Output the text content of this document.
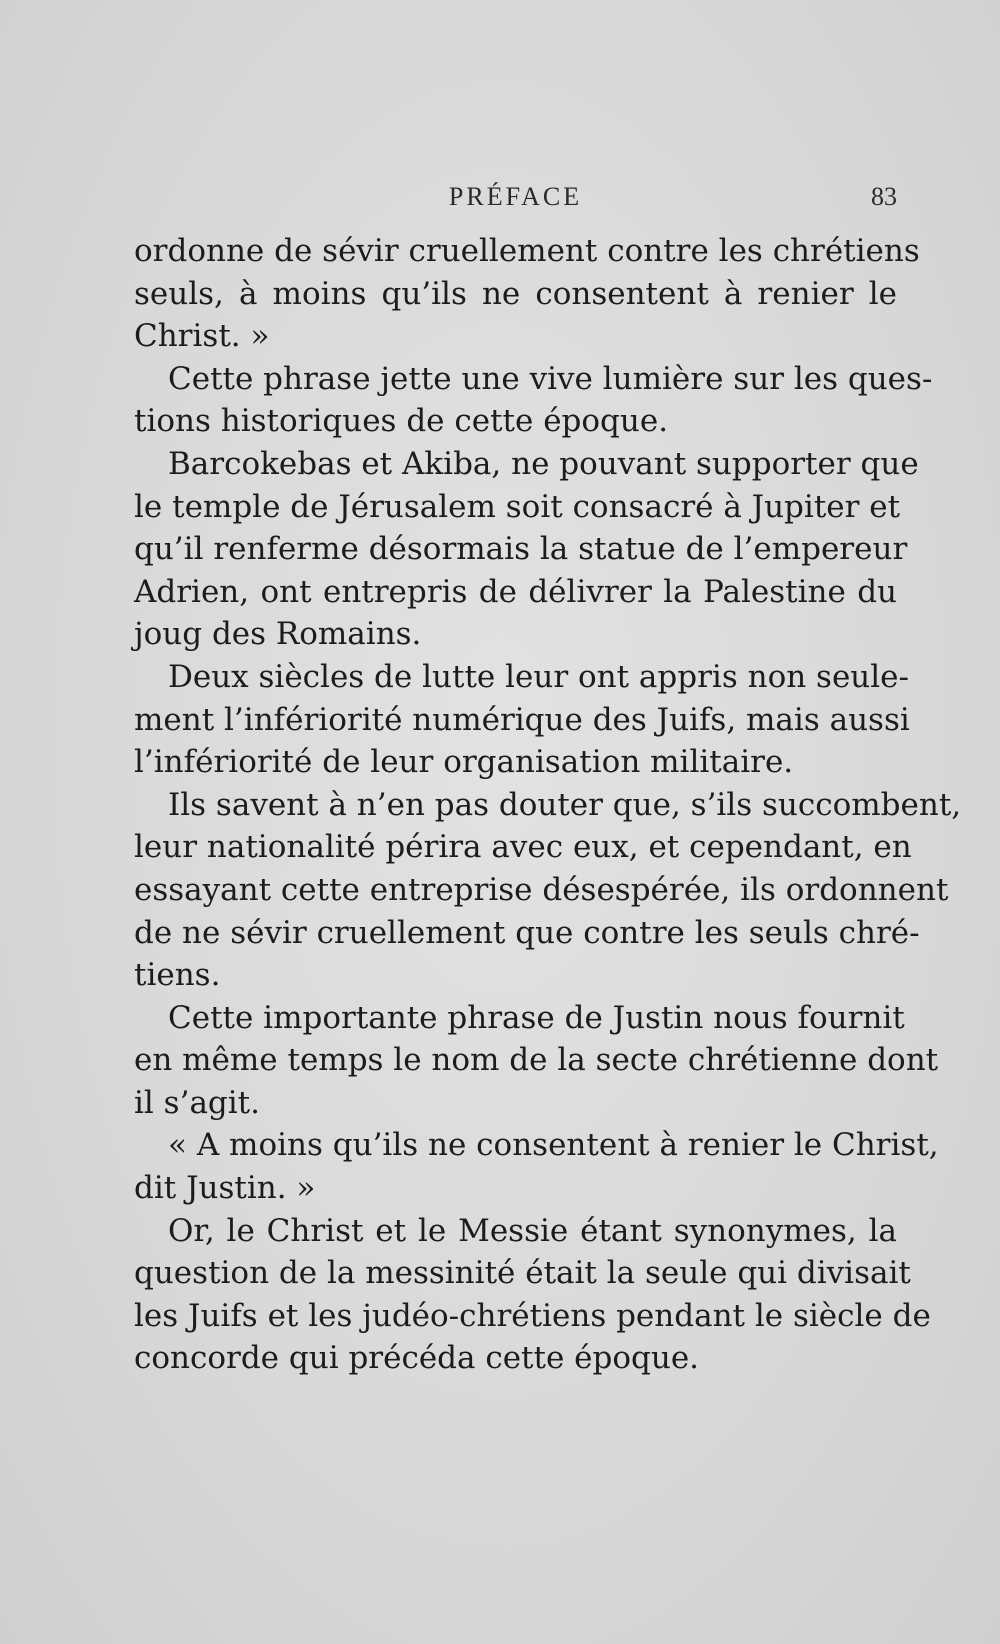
PRÉFACE	83

ordonne de sévir cruellement contre les chrétiens
seuls, à moins qu’ils ne consentent à renier le
Christ. »

Cette phrase jette une vive lumière sur les ques-
tions historiques de cette époque.

Barcokebas et Akiba, ne pouvant supporter que
le temple de Jérusalem soit consacré à Jupiter et
qu’il renferme désormais la statue de l’empereur
Adrien, ont entrepris de délivrer la Palestine du
joug des Romains.

Deux siècles de lutte leur ont appris non seule-
ment l’infériorité numérique des Juifs, mais aussi
l’infériorité de leur organisation militaire.

Ils savent à n’en pas douter que, s’ils succombent,
leur nationalité périra avec eux, et cependant, en
essayant cette entreprise désespérée, ils ordonnent
de ne sévir cruellement que contre les seuls chré-
tiens.

Cette importante phrase de Justin nous fournit
en même temps le nom de la secte chrétienne dont
il s’agit.

« A moins qu’ils ne consentent à renier le Christ,
dit Justin. »

Or, le Christ et le Messie étant synonymes, la
question de la messinité était la seule qui divisait
les Juifs et les judéo-chrétiens pendant le siècle de
concorde qui précéda cette époque.
